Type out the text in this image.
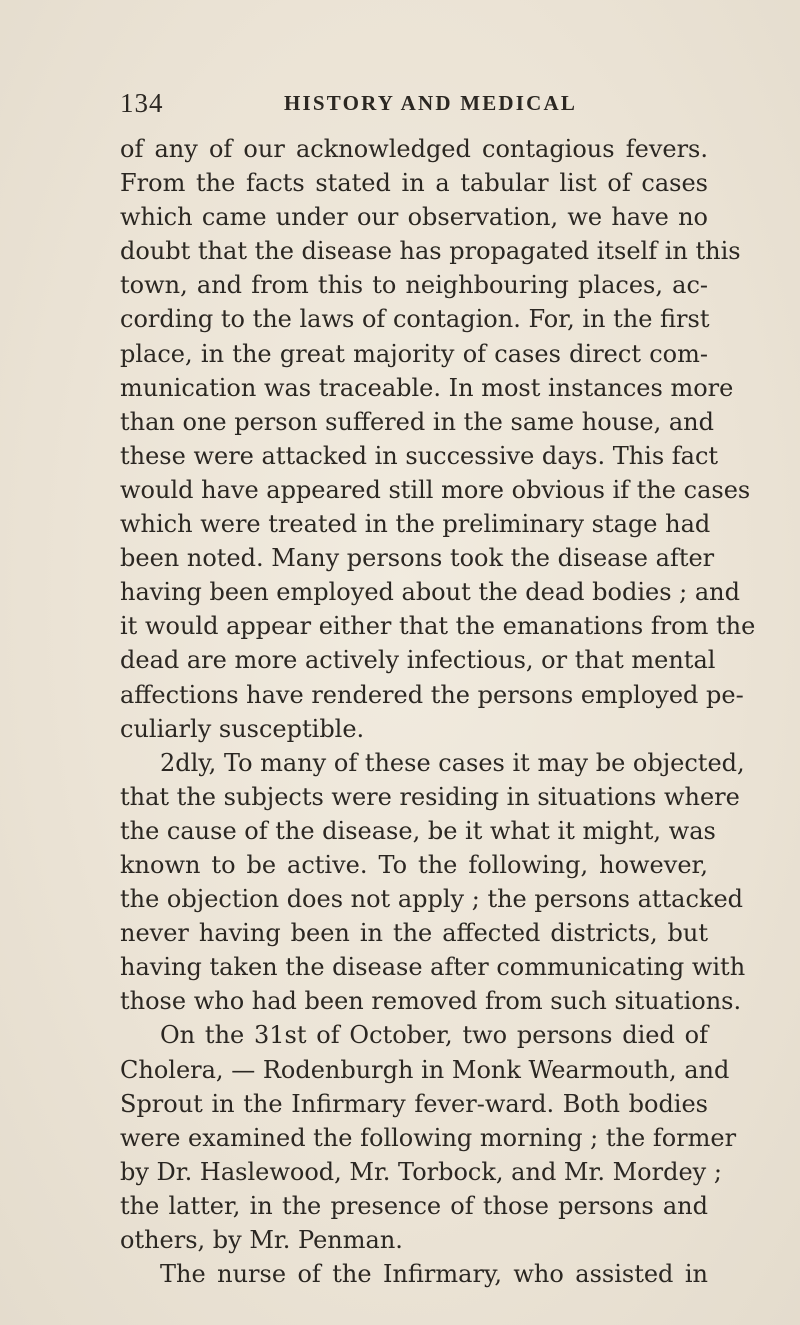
134	HISTORY AND MEDICAL
of any of our acknowledged contagious fevers.
From the facts stated in a tabular list of cases
which came under our observation, we have no
doubt that the disease has propagated itself in this
town, and from this to neighbouring places, ac-
cording to the laws of contagion. For, in the first
place, in the great majority of cases direct com-
munication was traceable. In most instances more
than one person suffered in the same house, and
these were attacked in successive days. This fact
would have appeared still more obvious if the cases
which were treated in the preliminary stage had
been noted. Many persons took the disease after
having been employed about the dead bodies ; and
it would appear either that the emanations from the
dead are more actively infectious, or that mental
affections have rendered the persons employed pe-
culiarly susceptible.
2dly, To many of these cases it may be objected,
that the subjects were residing in situations where
the cause of the disease, be it what it might, was
known to be active. To the following, however,
the objection does not apply ; the persons attacked
never having been in the affected districts, but
having taken the disease after communicating with
those who had been removed from such situations.
On the 31st of October, two persons died of
Cholera, — Rodenburgh in Monk Wearmouth, and
Sprout in the Infirmary fever-ward. Both bodies
were examined the following morning ; the former
by Dr. Haslewood, Mr. Torbock, and Mr. Mordey ;
the latter, in the presence of those persons and
others, by Mr. Penman.
The nurse of the Infirmary, who assisted in
